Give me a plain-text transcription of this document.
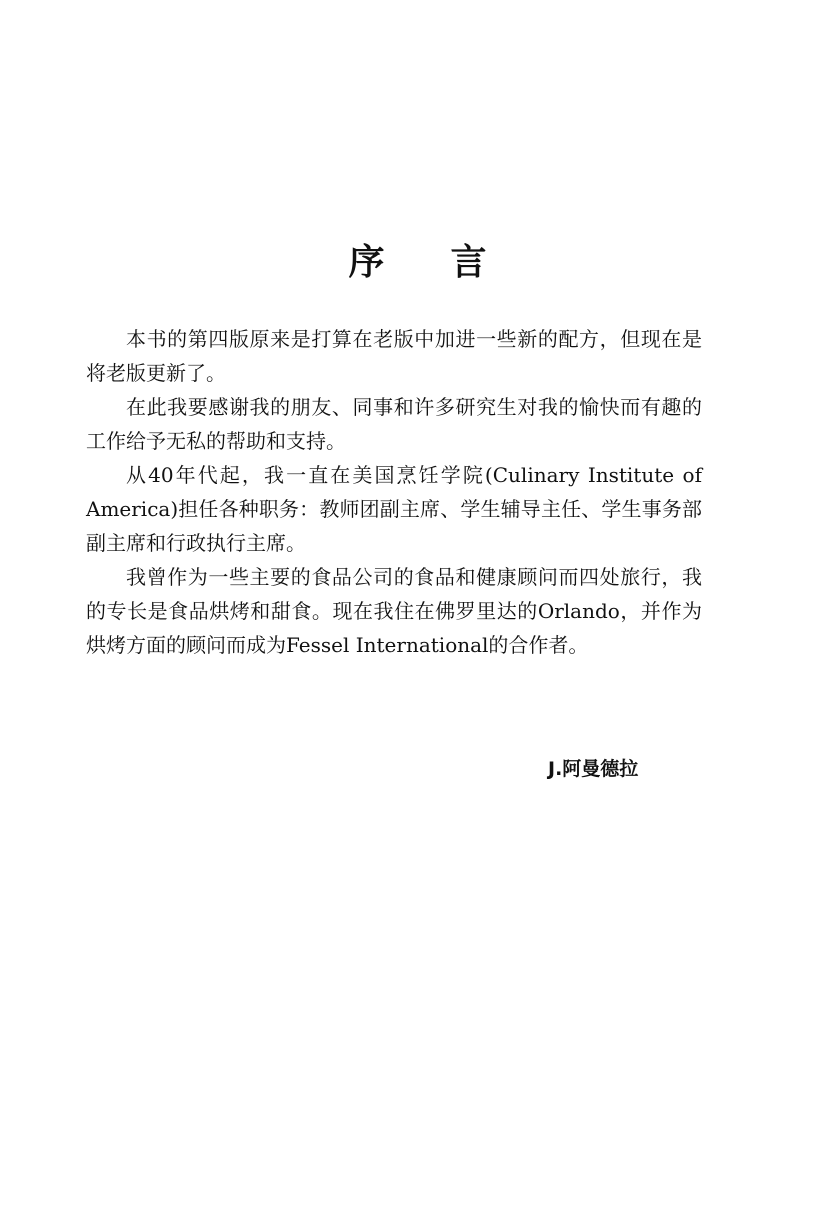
序 言

本书的第四版原来是打算在老版中加进一些新的配方，但现在是将老版更新了。

在此我要感谢我的朋友、同事和许多研究生对我的愉快而有趣的工作给予无私的帮助和支持。

从40年代起，我一直在美国烹饪学院(Culinary Institute of America)担任各种职务：教师团副主席、学生辅导主任、学生事务部副主席和行政执行主席。

我曾作为一些主要的食品公司的食品和健康顾问而四处旅行，我的专长是食品烘烤和甜食。现在我住在佛罗里达的Orlando，并作为烘烤方面的顾问而成为Fessel International的合作者。

J.阿曼德拉
